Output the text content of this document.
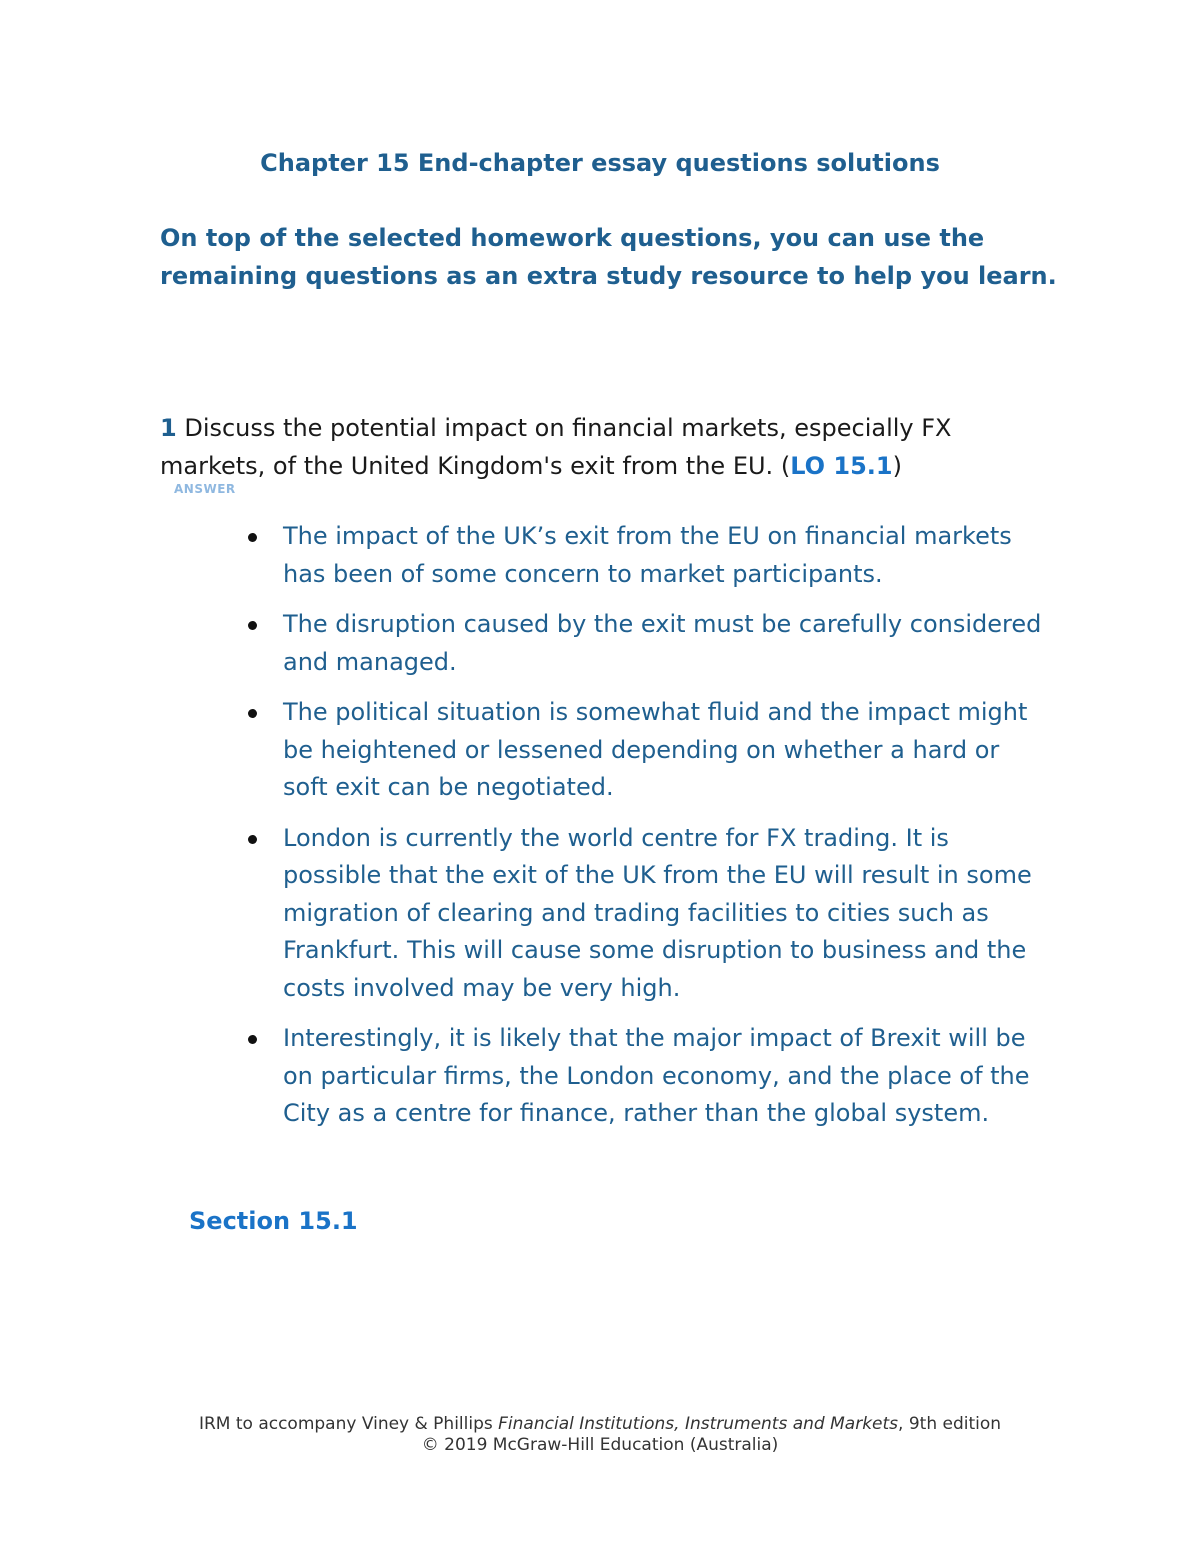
Chapter 15 End-chapter essay questions solutions
On top of the selected homework questions, you can use the remaining questions as an extra study resource to help you learn.
1 Discuss the potential impact on financial markets, especially FX markets, of the United Kingdom's exit from the EU. (LO 15.1)
ANSWER
The impact of the UK’s exit from the EU on financial markets has been of some concern to market participants.
The disruption caused by the exit must be carefully considered and managed.
The political situation is somewhat fluid and the impact might be heightened or lessened depending on whether a hard or soft exit can be negotiated.
London is currently the world centre for FX trading. It is possible that the exit of the UK from the EU will result in some migration of clearing and trading facilities to cities such as Frankfurt. This will cause some disruption to business and the costs involved may be very high.
Interestingly, it is likely that the major impact of Brexit will be on particular firms, the London economy, and the place of the City as a centre for finance, rather than the global system.
Section 15.1
IRM to accompany Viney & Phillips Financial Institutions, Instruments and Markets, 9th edition
© 2019 McGraw-Hill Education (Australia)
